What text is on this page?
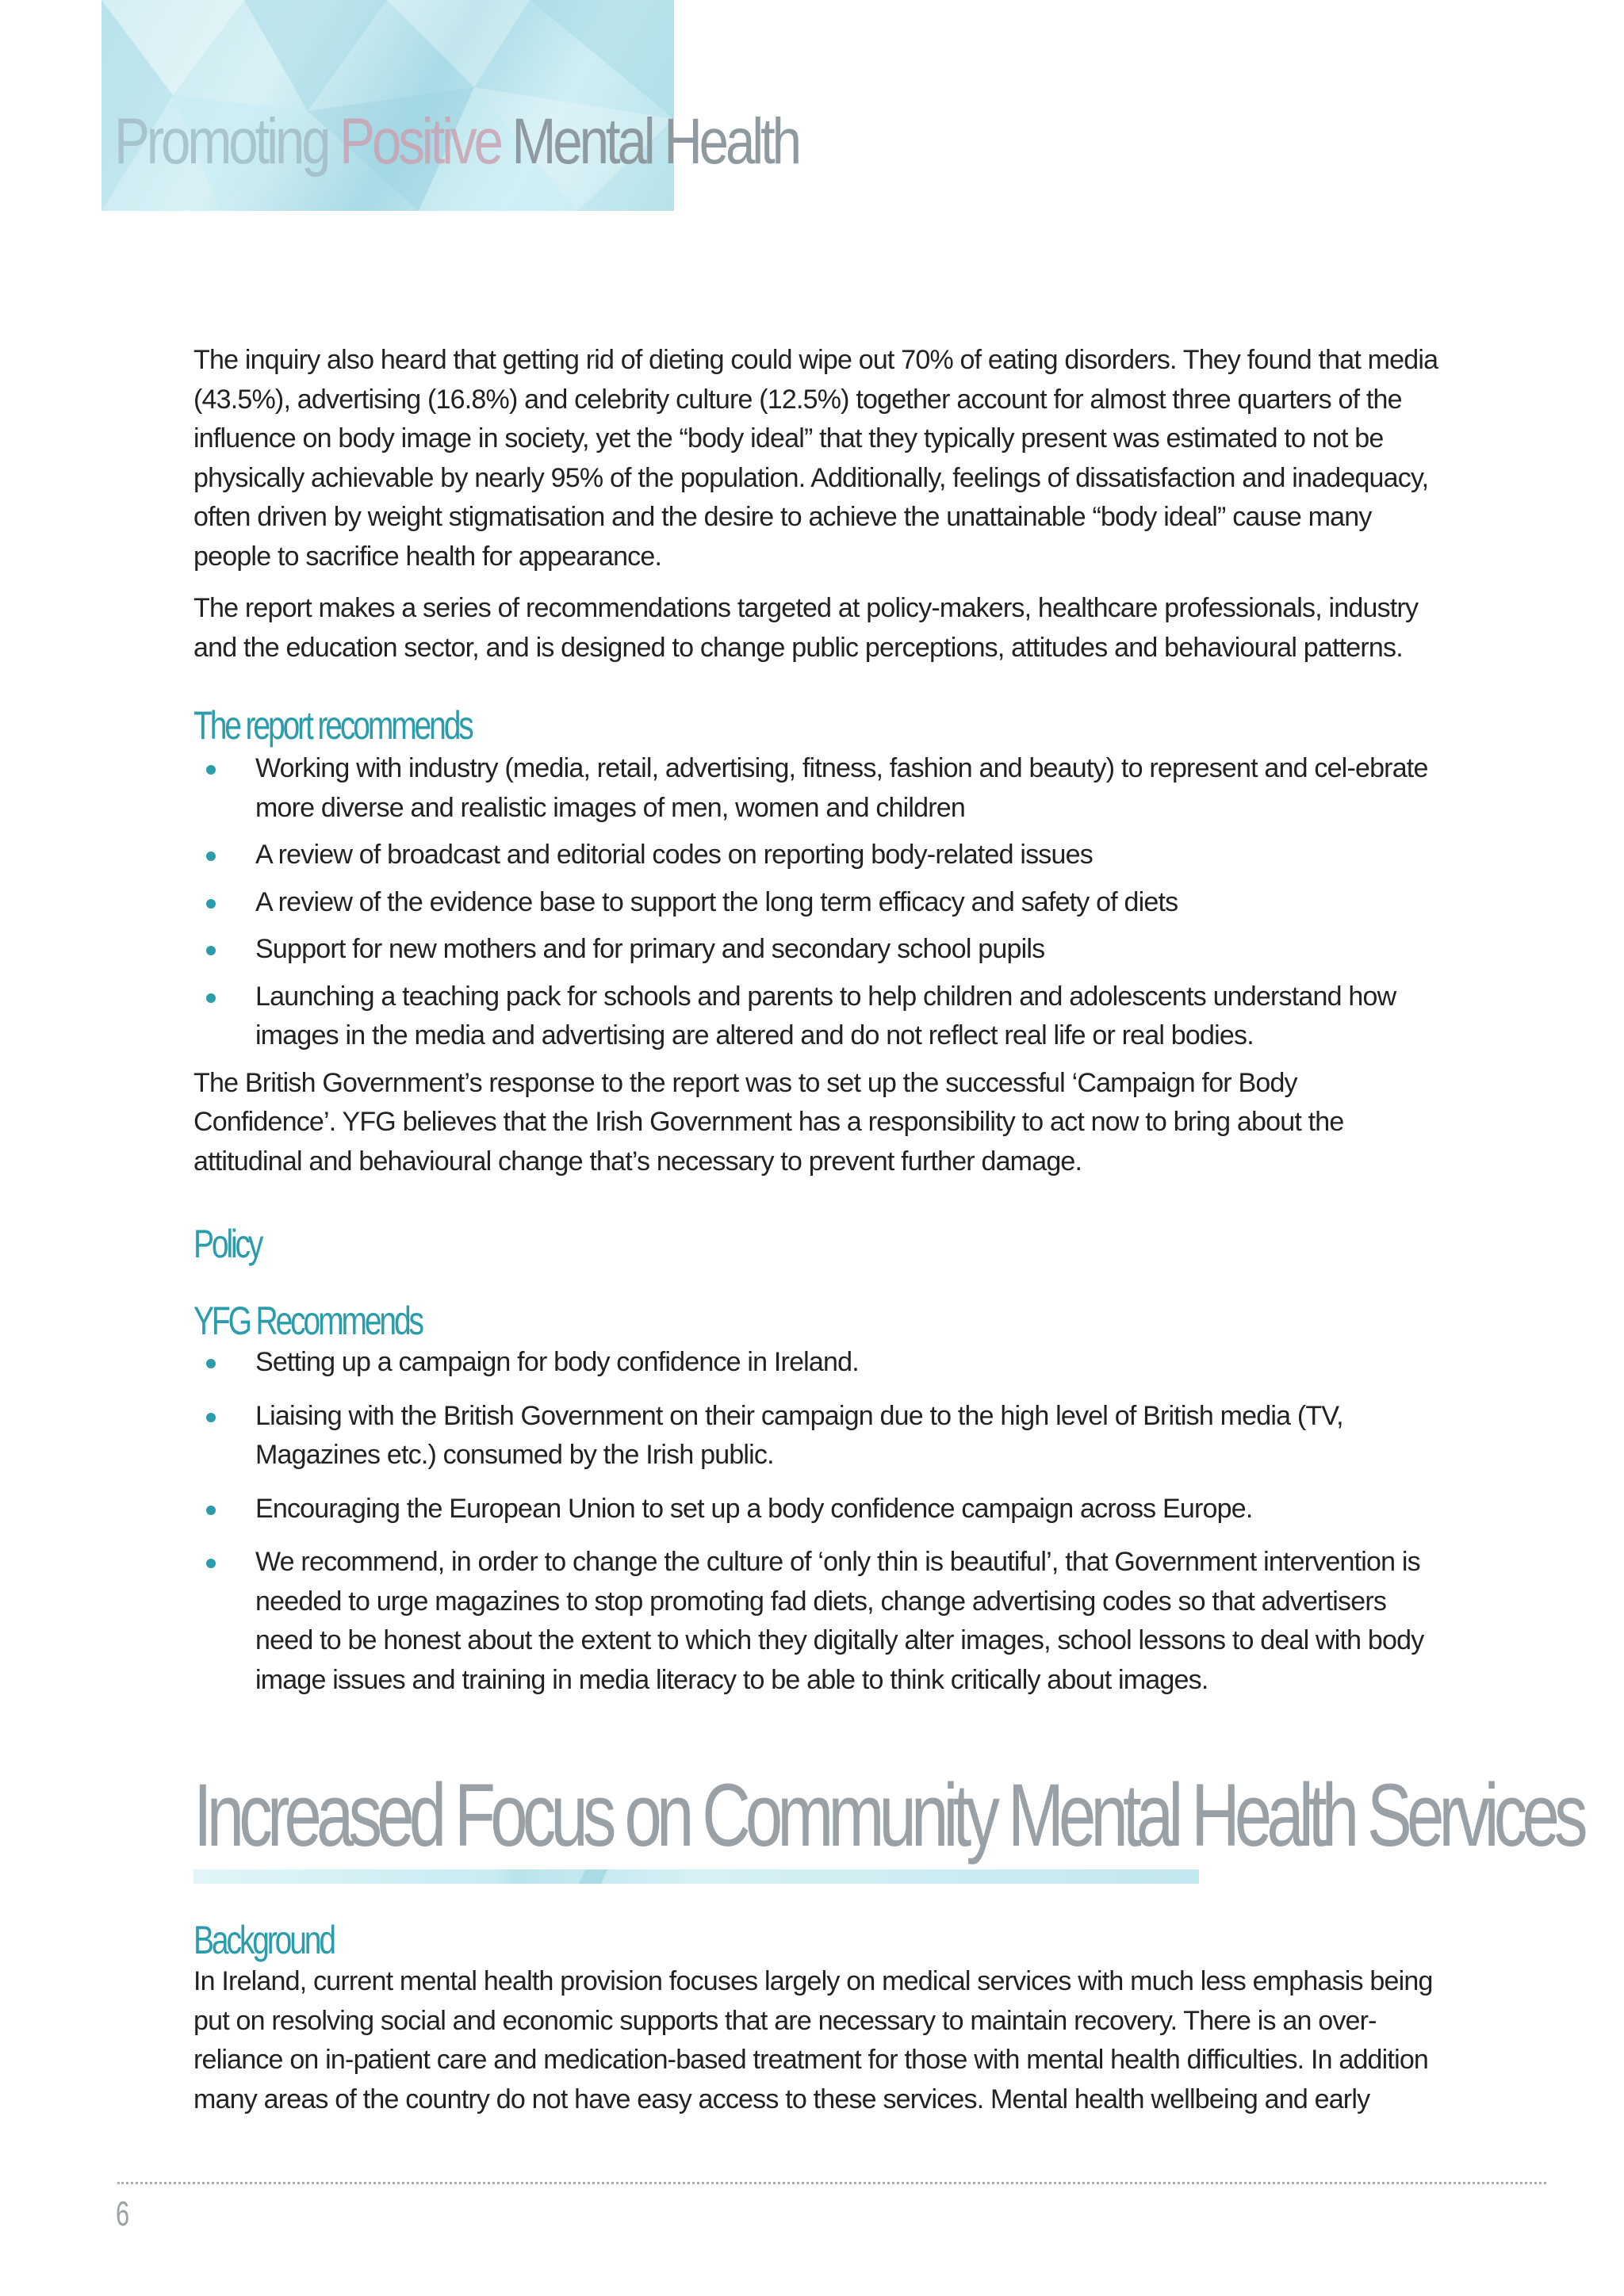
Promoting Positive Mental Health

The inquiry also heard that getting rid of dieting could wipe out 70% of eating disorders. They found that media (43.5%), advertising (16.8%) and celebrity culture (12.5%) together account for almost three quarters of the influence on body image in society, yet the “body ideal” that they typically present was estimated to not be physically achievable by nearly 95% of the population. Additionally, feelings of dissatisfaction and inadequacy, often driven by weight stigmatisation and the desire to achieve the unattainable “body ideal” cause many people to sacrifice health for appearance.

The report makes a series of recommendations targeted at policy-makers, healthcare professionals, industry and the education sector, and is designed to change public perceptions, attitudes and behavioural patterns.

The report recommends
Working with industry (media, retail, advertising, fitness, fashion and beauty) to represent and cel-ebrate more diverse and realistic images of men, women and children
A review of broadcast and editorial codes on reporting body-related issues
A review of the evidence base to support the long term efficacy and safety of diets
Support for new mothers and for primary and secondary school pupils
Launching a teaching pack for schools and parents to help children and adolescents understand how images in the media and advertising are altered and do not reflect real life or real bodies.

The British Government’s response to the report was to set up the successful ‘Campaign for Body Confidence’. YFG believes that the Irish Government has a responsibility to act now to bring about the attitudinal and behavioural change that’s necessary to prevent further damage.

Policy
YFG Recommends
Setting up a campaign for body confidence in Ireland.
Liaising with the British Government on their campaign due to the high level of British media (TV, Magazines etc.) consumed by the Irish public.
Encouraging the European Union to set up a body confidence campaign across Europe.
We recommend, in order to change the culture of ‘only thin is beautiful’, that Government intervention is needed to urge magazines to stop promoting fad diets, change advertising codes so that advertisers need to be honest about the extent to which they digitally alter images, school lessons to deal with body image issues and training in media literacy to be able to think critically about images.
Increased Focus on Community Mental Health Services
Background

In Ireland, current mental health provision focuses largely on medical services with much less emphasis being put on resolving social and economic supports that are necessary to maintain recovery. There is an over-reliance on in-patient care and medication-based treatment for those with mental health difficulties. In addition many areas of the country do not have easy access to these services. Mental health wellbeing and early

6
